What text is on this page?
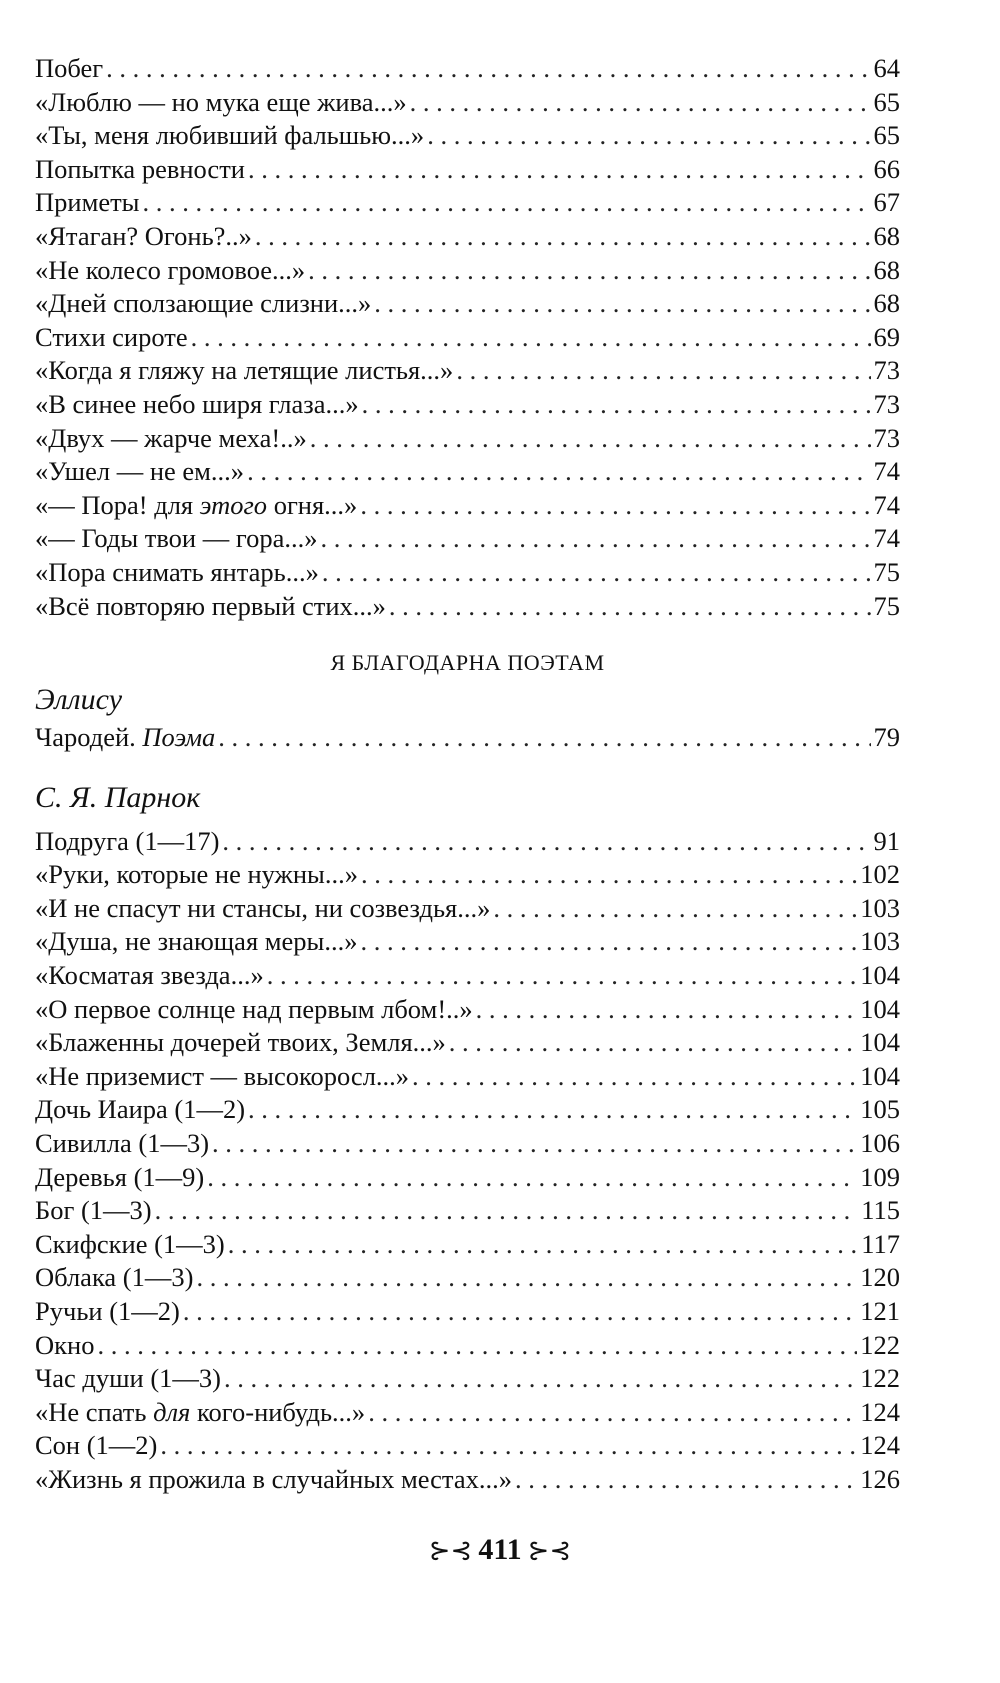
Побег . . .	64
«Люблю — но мука еще жива...» . . .	65
«Ты, меня любивший фальшью...» . . .	65
Попытка ревности . . .	66
Приметы . . .	67
«Ятаган? Огонь?..» . . .	68
«Не колесо громовое...» . . .	68
«Дней сползающие слизни...» . . .	68
Стихи сироте . . .	69
«Когда я гляжу на летящие листья...» . . .	73
«В синее небо ширя глаза...» . . .	73
«Двух — жарче меха!..» . . .	73
«Ушел — не ем...» . . .	74
«— Пора! для этого огня...» . . .	74
«— Годы твои — гора...» . . .	74
«Пора снимать янтарь...» . . .	75
«Всё повторяю первый стих...» . . .	75
Я БЛАГОДАРНА ПОЭТАМ
Эллису
Чародей. Поэма . . .	79
С. Я. Парнок
Подруга (1—17) . . .	91
«Руки, которые не нужны...» . . .	102
«И не спасут ни стансы, ни созвездья...» . . .	103
«Душа, не знающая меры...» . . .	103
«Косматая звезда...» . . .	104
«О первое солнце над первым лбом!..» . . .	104
«Блаженны дочерей твоих, Земля...» . . .	104
«Не приземист — высокоросл...» . . .	104
Дочь Иаира (1—2) . . .	105
Сивилла (1—3) . . .	106
Деревья (1—9) . . .	109
Бог (1—3) . . .	115
Скифские (1—3) . . .	117
Облака (1—3) . . .	120
Ручьи (1—2) . . .	121
Окно . . .	122
Час души (1—3) . . .	122
«Не спать для кого-нибудь...» . . .	124
Сон (1—2) . . .	124
«Жизнь я прожила в случайных местах...» . . .	126
⊱⊰ 411 ⊱⊰
